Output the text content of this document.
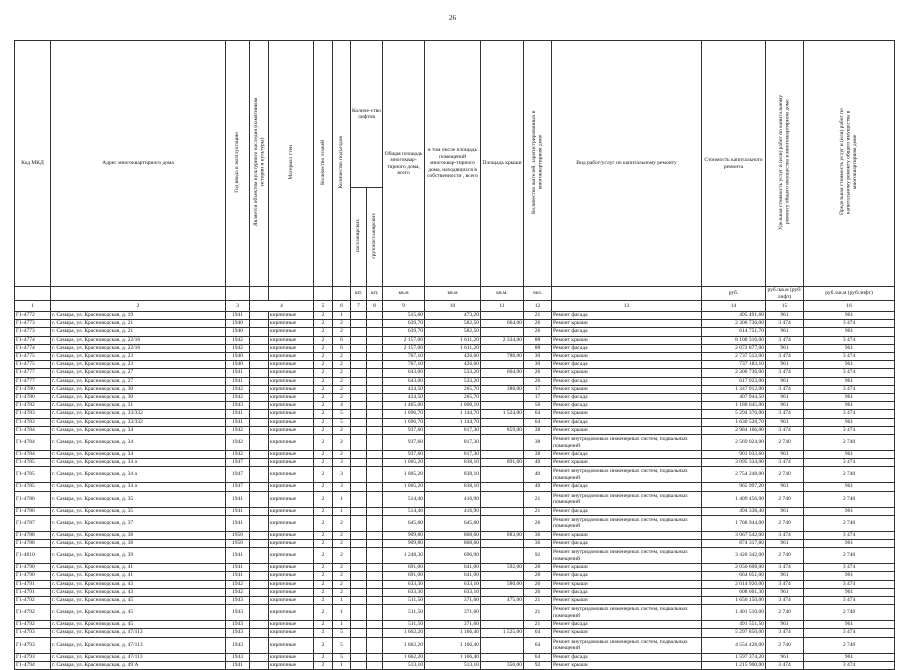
26
Код МКД	Адрес многоквартирного дома	Год ввода в эксплуатацию	Является объектом культурного наследия (памятником истории и культуры)	Материал стен	Количество этажей	Количество подъездов	Количе-ство лифтов		Общая площадь многоквар-тирного дома, всего	в том числе площадь помещений многоквар-тирного дома, находящихся в собственности , всего	Площадь крыши	Количество жителей, зарегистрированных в многоквартирном доме	Вид работ/услуг по капитальному ремонту	Стоимость капитального ремонта	Удельная стоимость услуг и (или) работ по капитальному ремонту общего имущества в многоквартирном доме	Предельная стоимость услуг и (или) работ по капитальному ремонту общего имущества в многоквартирном доме
							пассажирских	грузопассажирских								
							шт.	шт.	кв.м	кв.м	кв.м.	чел.		руб.	руб./кв.м (руб/лифт)	руб./кв.м (руб/лифт)
1	2	3	4		5	6	7	8	9	10	11	12	13	14	15	16
Г1-4772	г. Самара, ул. Красноводская, д. 19	1941		кирпичные	2	1			515,60	473,20		21	Ремонт фасада	495 491,60	961	961
Г1-4773	г. Самара, ул. Красноводская, д. 21	1940		кирпичные	2	2			639,70	582,50	664,00	26	Ремонт крыши	2 306 736,00	3 474	3 474
Г1-4773	г. Самара, ул. Красноводская, д. 21	1940		кирпичные	2	2			639,70	582,50		26	Ремонт фасада	614 751,70	961	961
Г1-4774	г. Самара, ул. Красноводская, д. 22/16	1942		кирпичные	2	6			2 157,00	1 611,20	2 334,00	88	Ремонт крыши	8 108 316,00	3 474	3 474
Г1-4774	г. Самара, ул. Красноводская, д. 22/16	1942		кирпичные	2	6			2 157,00	1 611,20		88	Ремонт фасада	2 072 877,00	961	961
Г1-4775	г. Самара, ул. Красноводская, д. 23	1940		кирпичные	2	2			767,10	426,60	788,00	30	Ремонт крыши	2 737 512,00	3 474	3 474
Г1-4775	г. Самара, ул. Красноводская, д. 23	1940		кирпичные	2	2			767,10	426,60		30	Ремонт фасада	737 183,10	961	961
Г1-4777	г. Самара, ул. Красноводская, д. 27	1941		кирпичные	2	2			643,00	533,20	664,00	26	Ремонт крыши	2 306 736,00	3 474	3 474
Г1-4777	г. Самара, ул. Красноводская, д. 27	1941		кирпичные	2	2			643,00	533,20		26	Ремонт фасада	617 923,00	961	961
Г1-4780	г. Самара, ул. Красноводская, д. 30	1942		кирпичные	2	2			424,50	265,70	388,00	17	Ремонт крыши	1 347 912,00	3 474	3 474
Г1-4780	г. Самара, ул. Красноводская, д. 30	1942		кирпичные	2	2			424,50	265,70		17	Ремонт фасада	407 944,50	961	961
Г1-4782	г. Самара, ул. Красноводская, д. 31	1943		кирпичные	2	4			1 465,00	1 008,10		56	Ремонт фасада	1 188 645,00	961	961
Г1-4783	г. Самара, ул. Красноводская, д. 33/332	1941		кирпичные	2	5			1 696,70	1 144,70	1 524,00	64	Ремонт крыши	5 294 376,00	3 474	3 474
Г1-4783	г. Самара, ул. Красноводская, д. 33/332	1941		кирпичные	2	5			1 696,70	1 144,70		64	Ремонт фасада	1 630 528,70	961	961
Г1-4784	г. Самара, ул. Красноводская, д. 34	1942		кирпичные	2	2			937,60	817,30	859,00	38	Ремонт крыши	2 984 166,00	3 474	3 474
Г1-4784	г. Самара, ул. Красноводская, д. 34	1942		кирпичные	2	2			937,60	817,30		38	Ремонт внутридомовых инженерных систем, подвальных помещений	2 569 024,00	2 740	2 740
Г1-4784	г. Самара, ул. Красноводская, д. 34	1942		кирпичные	2	2			937,60	817,30		38	Ремонт фасада	901 033,60	961	961
Г1-4785	г. Самара, ул. Красноводская, д. 34 а	1947		кирпичные	2	3			1 005,20	838,10	891,00	40	Ремонт крыши	3 095 334,00	3 474	3 474
Г1-4785	г. Самара, ул. Красноводская, д. 34 а	1947		кирпичные	2	3			1 005,20	838,10		40	Ремонт внутридомовых инженерных систем, подвальных помещений	2 754 248,00	2 740	2 740
Г1-4785	г. Самара, ул. Красноводская, д. 34 а	1947		кирпичные	2	3			1 005,20	838,10		40	Ремонт фасада	965 997,20	961	961
Г1-4786	г. Самара, ул. Красноводская, д. 35	1941		кирпичные	2	1			514,40	416,90		21	Ремонт внутридомовых инженерных систем, подвальных помещений	1 409 456,00	2 740	2 740
Г1-4786	г. Самара, ул. Красноводская, д. 35	1941		кирпичные	2	1			514,40	416,90		21	Ремонт фасада	494 338,40	961	961
Г1-4787	г. Самара, ул. Красноводская, д. 37	1941		кирпичные	2	2			645,60	645,60		26	Ремонт внутридомовых инженерных систем, подвальных помещений	1 768 944,00	2 740	2 740
Г1-4788	г. Самара, ул. Красноводская, д. 38	1950		кирпичные	2	2			909,80	868,60	883,00	36	Ремонт крыши	3 067 542,00	3 474	3 474
Г1-4788	г. Самара, ул. Красноводская, д. 38	1950		кирпичные	2	2			909,80	868,60		36	Ремонт фасада	874 317,80	961	961
Г1-4810	г. Самара, ул. Красноводская, д. 39	1941		кирпичные	2	2			1 248,30	696,90		92	Ремонт внутридомовых инженерных систем, подвальных помещений	3 420 342,00	2 740	2 740
Г1-4790	г. Самара, ул. Красноводская, д. 41	1941		кирпичные	2	2			691,00	641,00	592,00	28	Ремонт крыши	2 056 608,00	3 474	3 474
Г1-4790	г. Самара, ул. Красноводская, д. 41	1941		кирпичные	2	2			691,00	641,00		28	Ремонт фасада	664 051,00	961	961
Г1-4791	г. Самара, ул. Красноводская, д. 43	1942		кирпичные	2	2			633,30	633,10	580,00	26	Ремонт крыши	2 014 920,00	3 474	3 474
Г1-4791	г. Самара, ул. Красноводская, д. 43	1942		кирпичные	2	2			633,30	633,10		26	Ремонт фасада	608 601,30	961	961
Г1-4792	г. Самара, ул. Красноводская, д. 45	1943		кирпичные	2	1			511,50	371,60	475,00	21	Ремонт крыши	1 650 150,00	3 474	3 474
Г1-4792	г. Самара, ул. Красноводская, д. 45	1943		кирпичные	2	1			511,50	371,60		21	Ремонт внутридомовых инженерных систем, подвальных помещений	1 401 510,00	2 740	2 740
Г1-4792	г. Самара, ул. Красноводская, д. 45	1943		кирпичные	2	1			511,50	371,60		21	Ремонт фасада	491 551,50	961	961
Г1-4793	г. Самара, ул. Красноводская, д. 47/113	1943		кирпичные	2	5			1 662,20	1 166,40	1 525,00	64	Ремонт крыши	5 297 850,00	3 474	3 474
Г1-4793	г. Самара, ул. Красноводская, д. 47/113	1943		кирпичные	2	5			1 662,20	1 166,40		64	Ремонт внутридомовых инженерных систем, подвальных помещений	4 554 428,00	2 740	2 740
Г1-4793	г. Самара, ул. Красноводская, д. 47/113	1943		кирпичные	2	5			1 662,20	1 166,40		64	Ремонт фасада	1 597 374,20	961	961
Г1-4794	г. Самара, ул. Красноводская, д. 49 А	1941		кирпичные	2	1			513,10	513,10	350,00	92	Ремонт крыши	1 215 900,00	3 474	3 474
